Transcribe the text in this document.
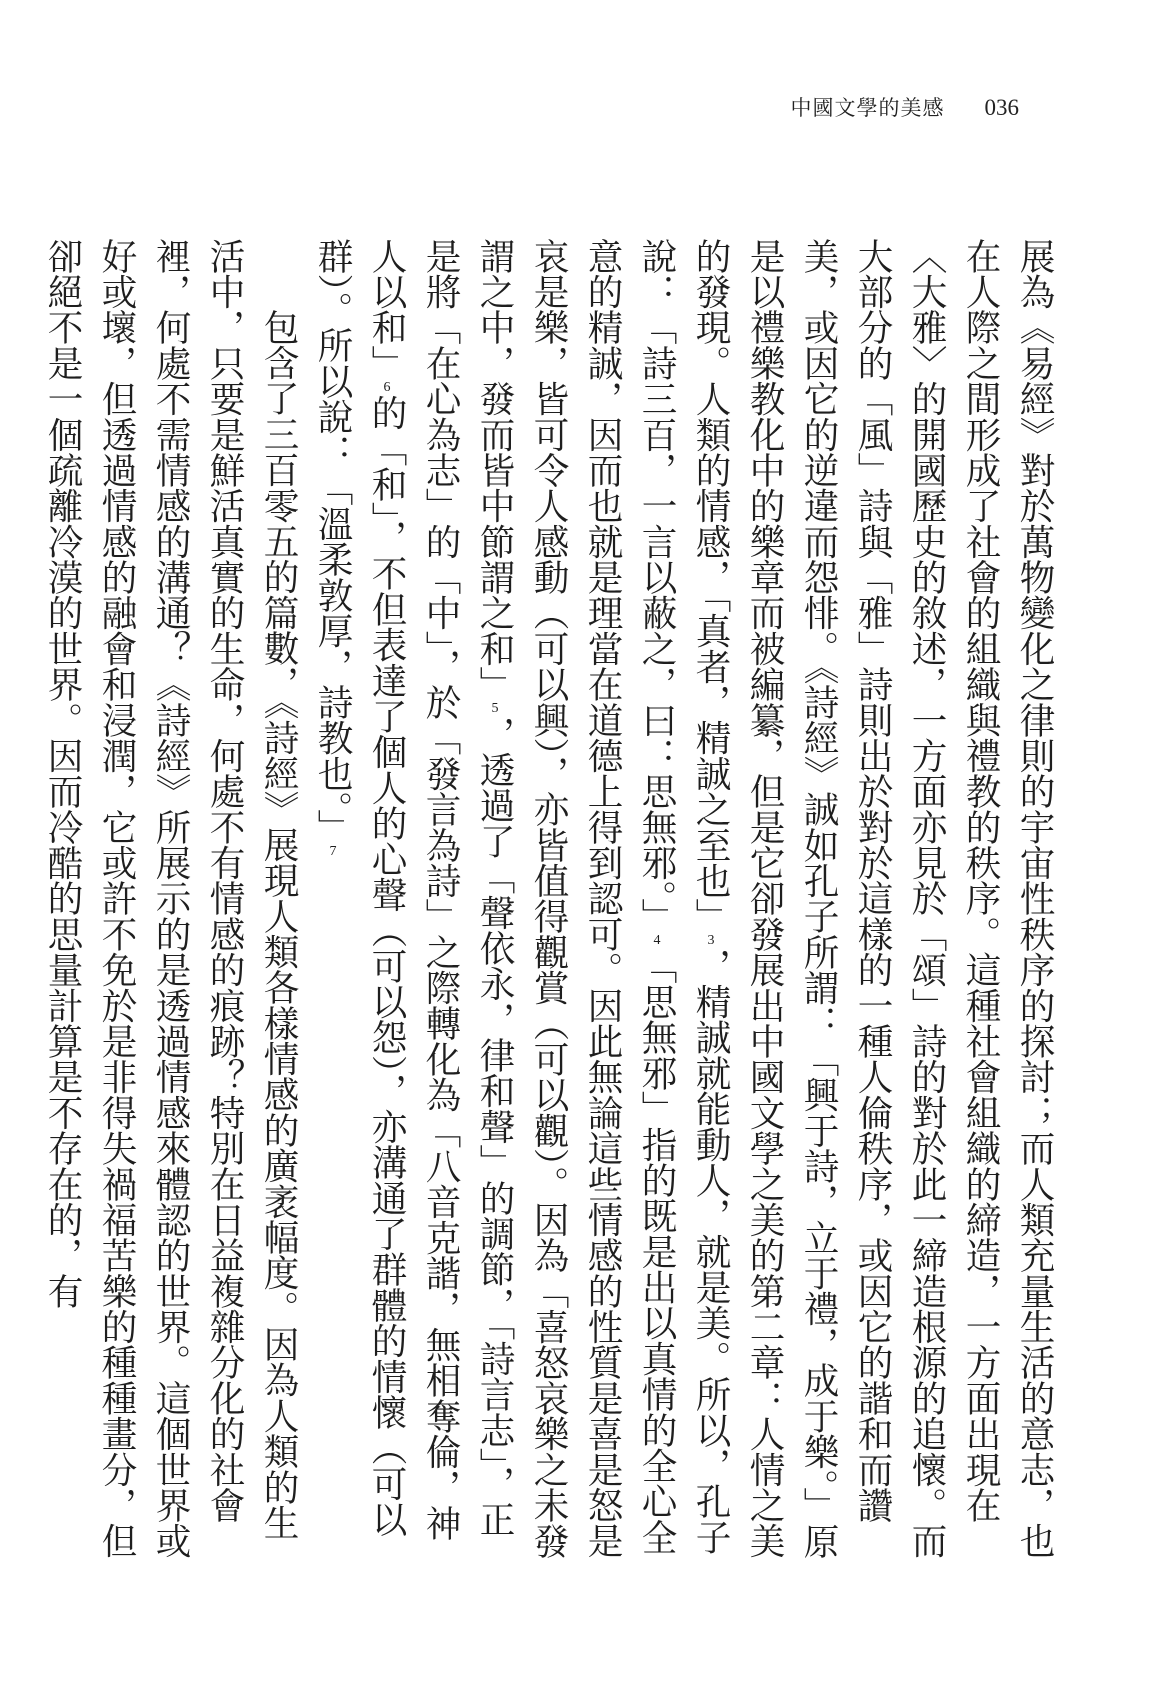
中國文學的美感 036

展為《易經》對於萬物變化之律則的宇宙性秩序的探討；而人類充量生活的意志，也在人際之間形成了社會的組織與禮教的秩序。這種社會組織的締造，一方面出現在〈大雅〉的開國歷史的敘述，一方面亦見於「頌」詩的對於此一締造根源的追懷。而大部分的「風」詩與「雅」詩則出於對於這樣的一種人倫秩序，或因它的諧和而讚美，或因它的逆違而怨悱。《詩經》誠如孔子所謂：「興于詩，立于禮，成于樂。」原是以禮樂教化中的樂章而被編纂，但是它卻發展出中國文學之美的第二章：人情之美的發現。人類的情感，「真者，精誠之至也」3，精誠就能動人，就是美。所以，孔子說：「詩三百，一言以蔽之，曰：思無邪。」4「思無邪」指的既是出以真情的全心全意的精誠，因而也就是理當在道德上得到認可。因此無論這些情感的性質是喜是怒是哀是樂，皆可令人感動（可以興），亦皆值得觀賞（可以觀）。因為「喜怒哀樂之未發謂之中，發而皆中節謂之和」5，透過了「聲依永，律和聲」的調節，「詩言志」，正是將「在心為志」的「中」，於「發言為詩」之際轉化為「八音克諧，無相奪倫，神人以和」6的「和」，不但表達了個人的心聲（可以怨），亦溝通了群體的情懷（可以群）。所以說：「溫柔敦厚，詩教也。」7

包含了三百零五的篇數，《詩經》展現人類各樣情感的廣袤幅度。因為人類的生活中，只要是鮮活真實的生命，何處不有情感的痕跡？特別在日益複雜分化的社會裡，何處不需情感的溝通？《詩經》所展示的是透過情感來體認的世界。這個世界或好或壞，但透過情感的融會和浸潤，它或許不免於是非得失禍福苦樂的種種畫分，但卻絕不是一個疏離冷漠的世界。因而冷酷的思量計算是不存在的，有
